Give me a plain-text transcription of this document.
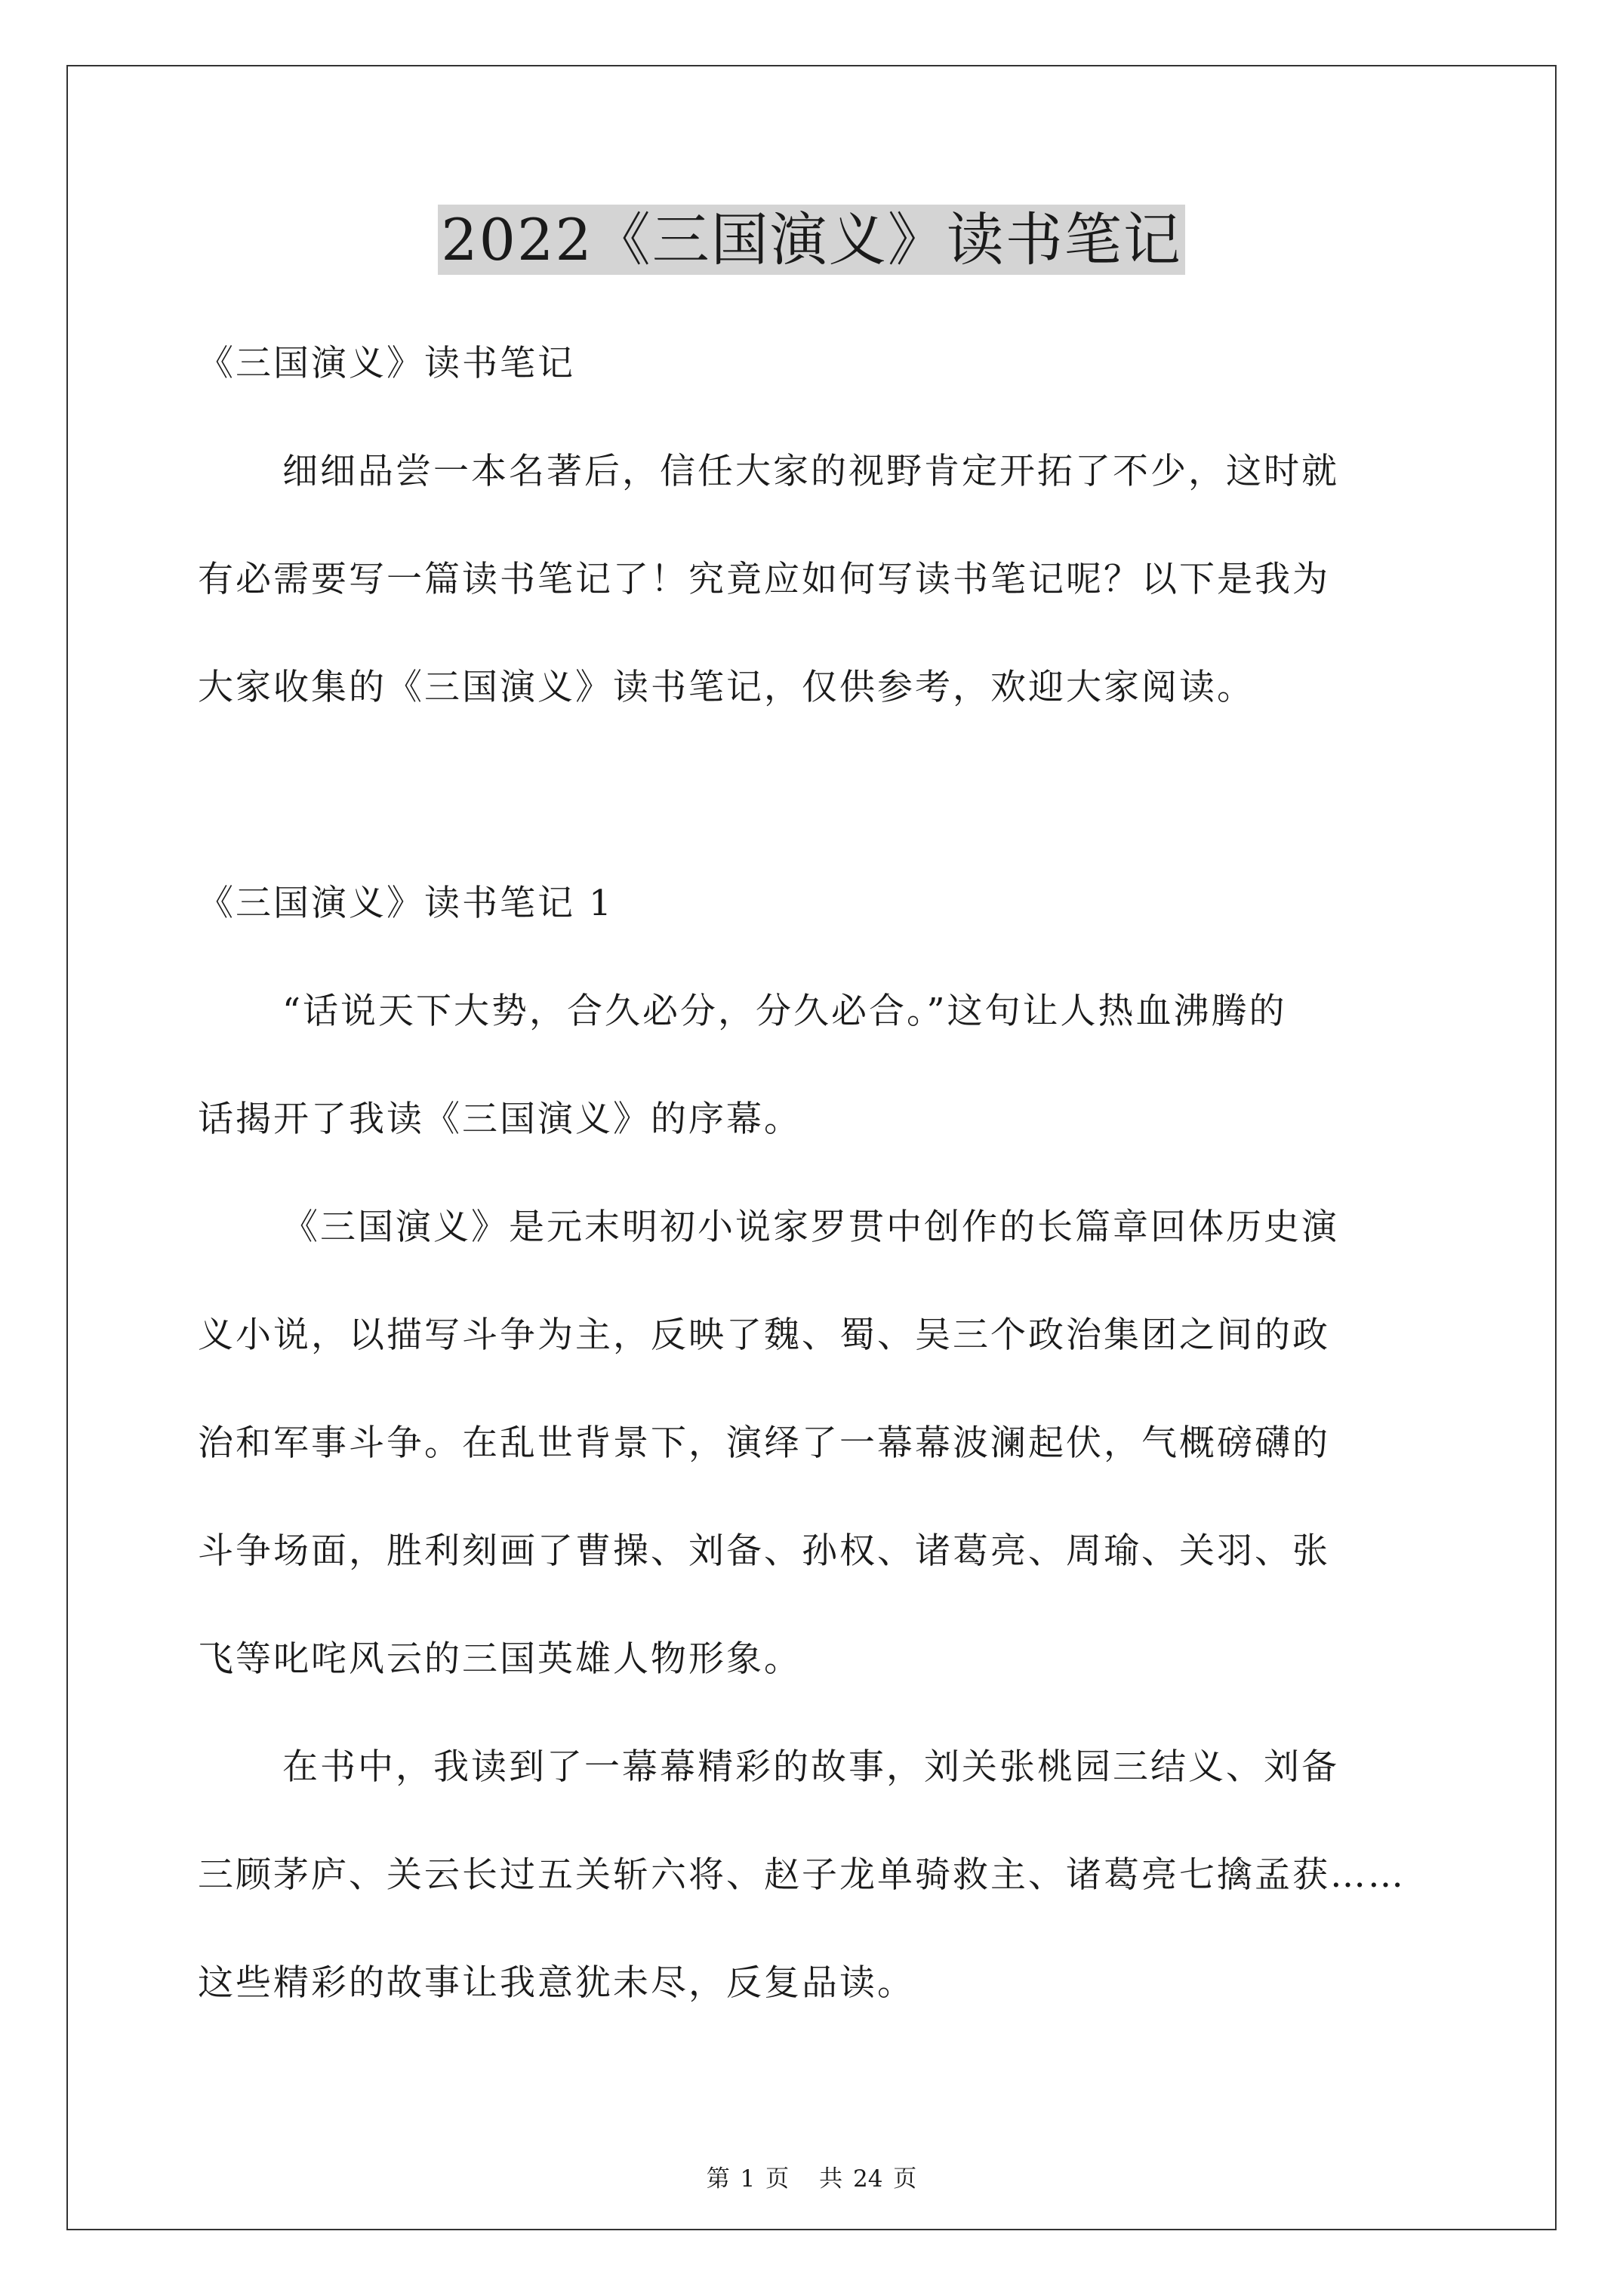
2022《三国演义》读书笔记
《三国演义》读书笔记
细细品尝一本名著后，信任大家的视野肯定开拓了不少，这时就
有必需要写一篇读书笔记了！究竟应如何写读书笔记呢？以下是我为
大家收集的《三国演义》读书笔记，仅供参考，欢迎大家阅读。
《三国演义》读书笔记 1
“话说天下大势，合久必分，分久必合。”这句让人热血沸腾的
话揭开了我读《三国演义》的序幕。
《三国演义》是元末明初小说家罗贯中创作的长篇章回体历史演
义小说，以描写斗争为主，反映了魏、蜀、吴三个政治集团之间的政
治和军事斗争。在乱世背景下，演绎了一幕幕波澜起伏，气概磅礴的
斗争场面，胜利刻画了曹操、刘备、孙权、诸葛亮、周瑜、关羽、张
飞等叱咤风云的三国英雄人物形象。
在书中，我读到了一幕幕精彩的故事，刘关张桃园三结义、刘备
三顾茅庐、关云长过五关斩六将、赵子龙单骑救主、诸葛亮七擒孟获……
这些精彩的故事让我意犹未尽，反复品读。
第 1 页 共 24 页
